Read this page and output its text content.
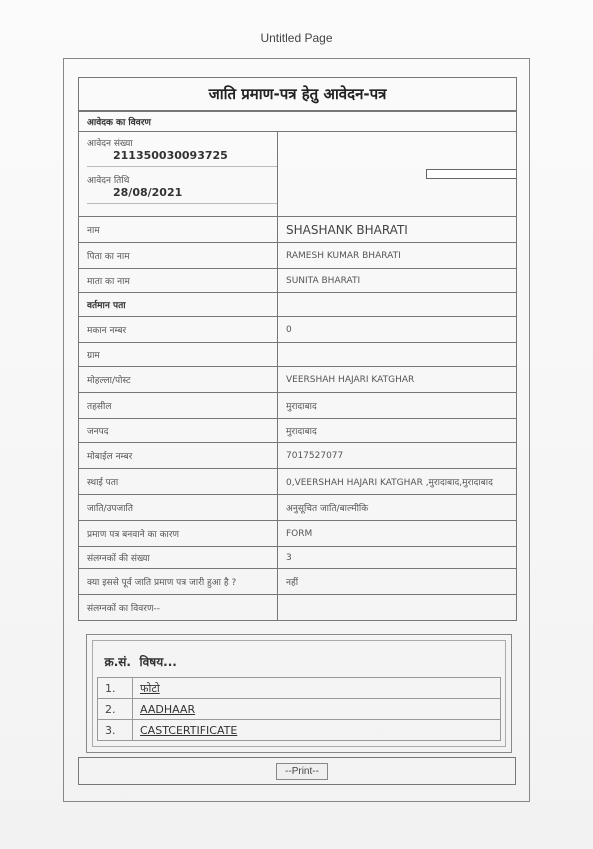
Untitled Page
जाति प्रमाण-पत्र हेतु आवेदन-पत्र	
आवेदक का विवरण	

आवेदन संख्या
211350030093725
आवेदन तिथि
28/08/2021	

नाम	SHASHANK BHARATI
पिता का नाम	RAMESH KUMAR BHARATI
माता का नाम	SUNITA BHARATI
वर्तमान पता	
मकान नम्बर	0
ग्राम	
मोहल्ला/पोस्ट	VEERSHAH HAJARI KATGHAR
तहसील	मुरादाबाद
जनपद	मुरादाबाद
मोबाईल नम्बर	7017527077
स्थाई पता	0,VEERSHAH HAJARI KATGHAR ,मुरादाबाद,मुरादाबाद
जाति/उपजाति	अनुसूचित जाति/बाल्मीकि
प्रमाण पत्र बनवाने का कारण	FORM
संलग्नकों की संख्या	3
क्या इससे पूर्व जाति प्रमाण पत्र जारी हुआ है ?	नहीं
संलग्नकों का विवरण--	
क्र.सं.	विषय...
1.	फोटो
2.	AADHAAR
3.	CASTCERTIFICATE
--Print--
